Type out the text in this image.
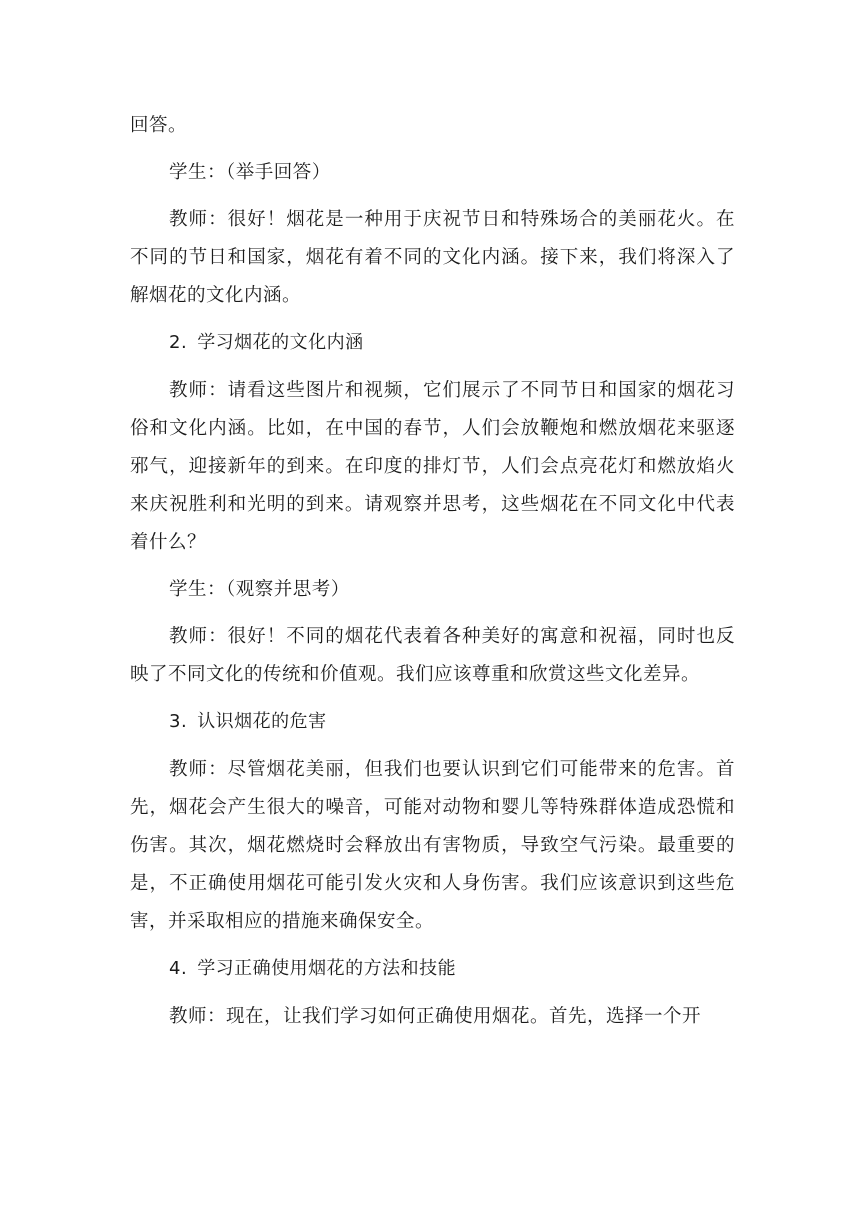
回答。

学生：（举手回答）

教师：很好！烟花是一种用于庆祝节日和特殊场合的美丽花火。在不同的节日和国家，烟花有着不同的文化内涵。接下来，我们将深入了解烟花的文化内涵。

2. 学习烟花的文化内涵

教师：请看这些图片和视频，它们展示了不同节日和国家的烟花习俗和文化内涵。比如，在中国的春节，人们会放鞭炮和燃放烟花来驱逐邪气，迎接新年的到来。在印度的排灯节，人们会点亮花灯和燃放焰火来庆祝胜利和光明的到来。请观察并思考，这些烟花在不同文化中代表着什么？

学生：（观察并思考）

教师：很好！不同的烟花代表着各种美好的寓意和祝福，同时也反映了不同文化的传统和价值观。我们应该尊重和欣赏这些文化差异。

3. 认识烟花的危害

教师：尽管烟花美丽，但我们也要认识到它们可能带来的危害。首先，烟花会产生很大的噪音，可能对动物和婴儿等特殊群体造成恐慌和伤害。其次，烟花燃烧时会释放出有害物质，导致空气污染。最重要的是，不正确使用烟花可能引发火灾和人身伤害。我们应该意识到这些危害，并采取相应的措施来确保安全。

4. 学习正确使用烟花的方法和技能

教师：现在，让我们学习如何正确使用烟花。首先，选择一个开
